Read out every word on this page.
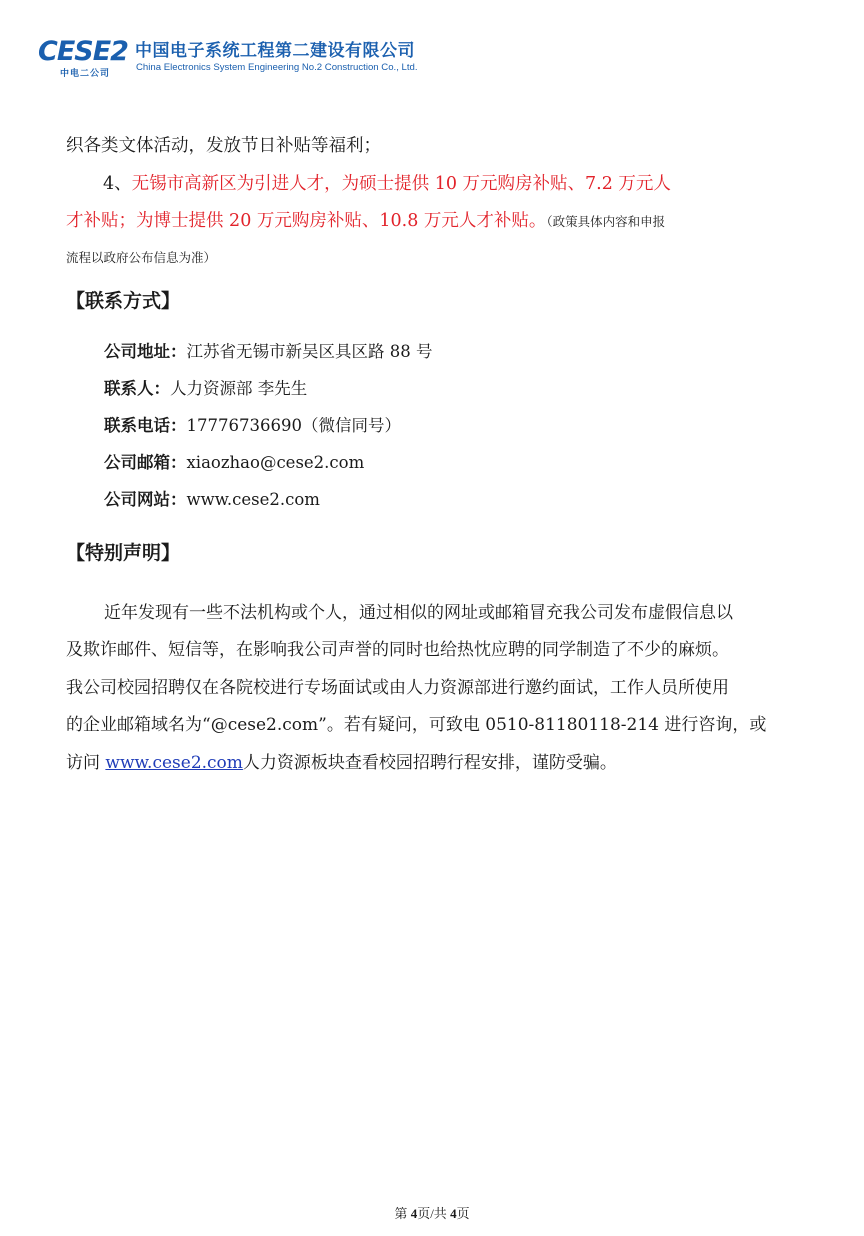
CESE2
中电二公司
中国电子系统工程第二建设有限公司
China Electronics System Engineering No.2 Construction Co., Ltd.
织各类文体活动，发放节日补贴等福利；
4、无锡市高新区为引进人才，为硕士提供 10 万元购房补贴、7.2 万元人
才补贴；为博士提供 20 万元购房补贴、10.8 万元人才补贴。（政策具体内容和申报
流程以政府公布信息为准）
【联系方式】
公司地址：江苏省无锡市新吴区具区路 88 号
联系人：人力资源部 李先生
联系电话：17776736690（微信同号）
公司邮箱：xiaozhao@cese2.com
公司网站：www.cese2.com
【特别声明】
近年发现有一些不法机构或个人，通过相似的网址或邮箱冒充我公司发布虚假信息以
及欺诈邮件、短信等，在影响我公司声誉的同时也给热忱应聘的同学制造了不少的麻烦。
我公司校园招聘仅在各院校进行专场面试或由人力资源部进行邀约面试，工作人员所使用
的企业邮箱域名为“@cese2.com”。若有疑问，可致电 0510-81180118-214 进行咨询，或
访问 www.cese2.com人力资源板块查看校园招聘行程安排，谨防受骗。
第 4页/共 4页
